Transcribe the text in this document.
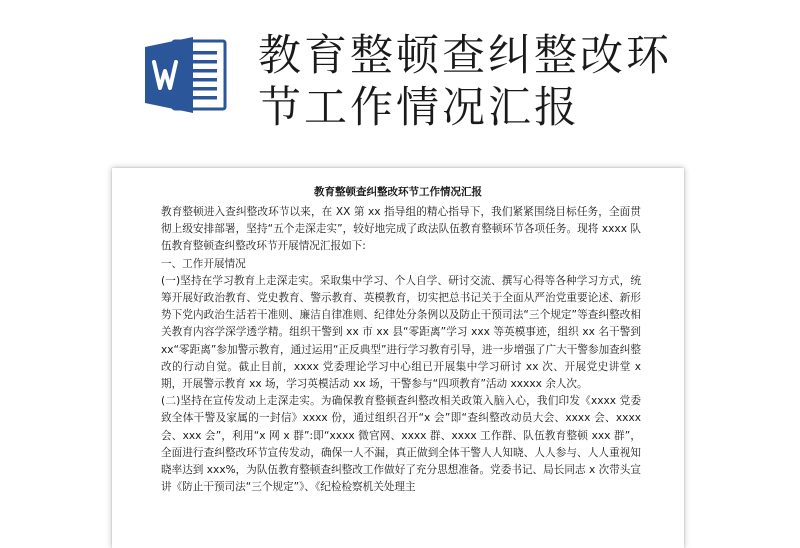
教育整顿查纠整改环
节工作情况汇报
教育整顿查纠整改环节工作情况汇报

教育整顿进入查纠整改环节以来，在 XX 第 xx 指导组的精心指导下，我们紧紧围绕目标任务，全面贯彻上级安排部署，坚持“五个走深走实”，较好地完成了政法队伍教育整顿环节各项任务。现将 xxxx 队伍教育整顿查纠整改环节开展情况汇报如下:

一、工作开展情况

(一)坚持在学习教育上走深走实。采取集中学习、个人自学、研讨交流、撰写心得等各种学习方式，统筹开展好政治教育、党史教育、警示教育、英模教育，切实把总书记关于全面从严治党重要论述、新形势下党内政治生活若干准则、廉洁自律准则、纪律处分条例以及防止干预司法“三个规定”等查纠整改相关教育内容学深学透学精。组织干警到 xx 市 xx 县“零距离”学习 xxx 等英模事迹，组织 xx 名干警到 xx“零距离”参加警示教育，通过运用“正反典型”进行学习教育引导，进一步增强了广大干警参加查纠整改的行动自觉。截止目前，xxxx 党委理论学习中心组已开展集中学习研讨 xx 次、开展党史讲堂 x 期，开展警示教育 xx 场，学习英模活动 xx 场，干警参与“四项教育”活动 xxxxx 余人次。

(二)坚持在宣传发动上走深走实。为确保教育整顿查纠整改相关政策入脑入心，我们印发《xxxx 党委致全体干警及家属的一封信》xxxx 份，通过组织召开“x 会”即“查纠整改动员大会、xxxx 会、xxxx 会、xxx 会”，利用“x 网 x 群”:即“xxxx 微官网、xxxx 群、xxxx 工作群、队伍教育整顿 xxx 群”，全面进行查纠整改环节宣传发动，确保一人不漏，真正做到全体干警人人知晓、人人参与、人人重视知晓率达到 xxx%，为队伍教育整顿查纠整改工作做好了充分思想准备。党委书记、局长同志 x 次带头宣讲《防止干预司法“三个规定”》、《纪检检察机关处理主
